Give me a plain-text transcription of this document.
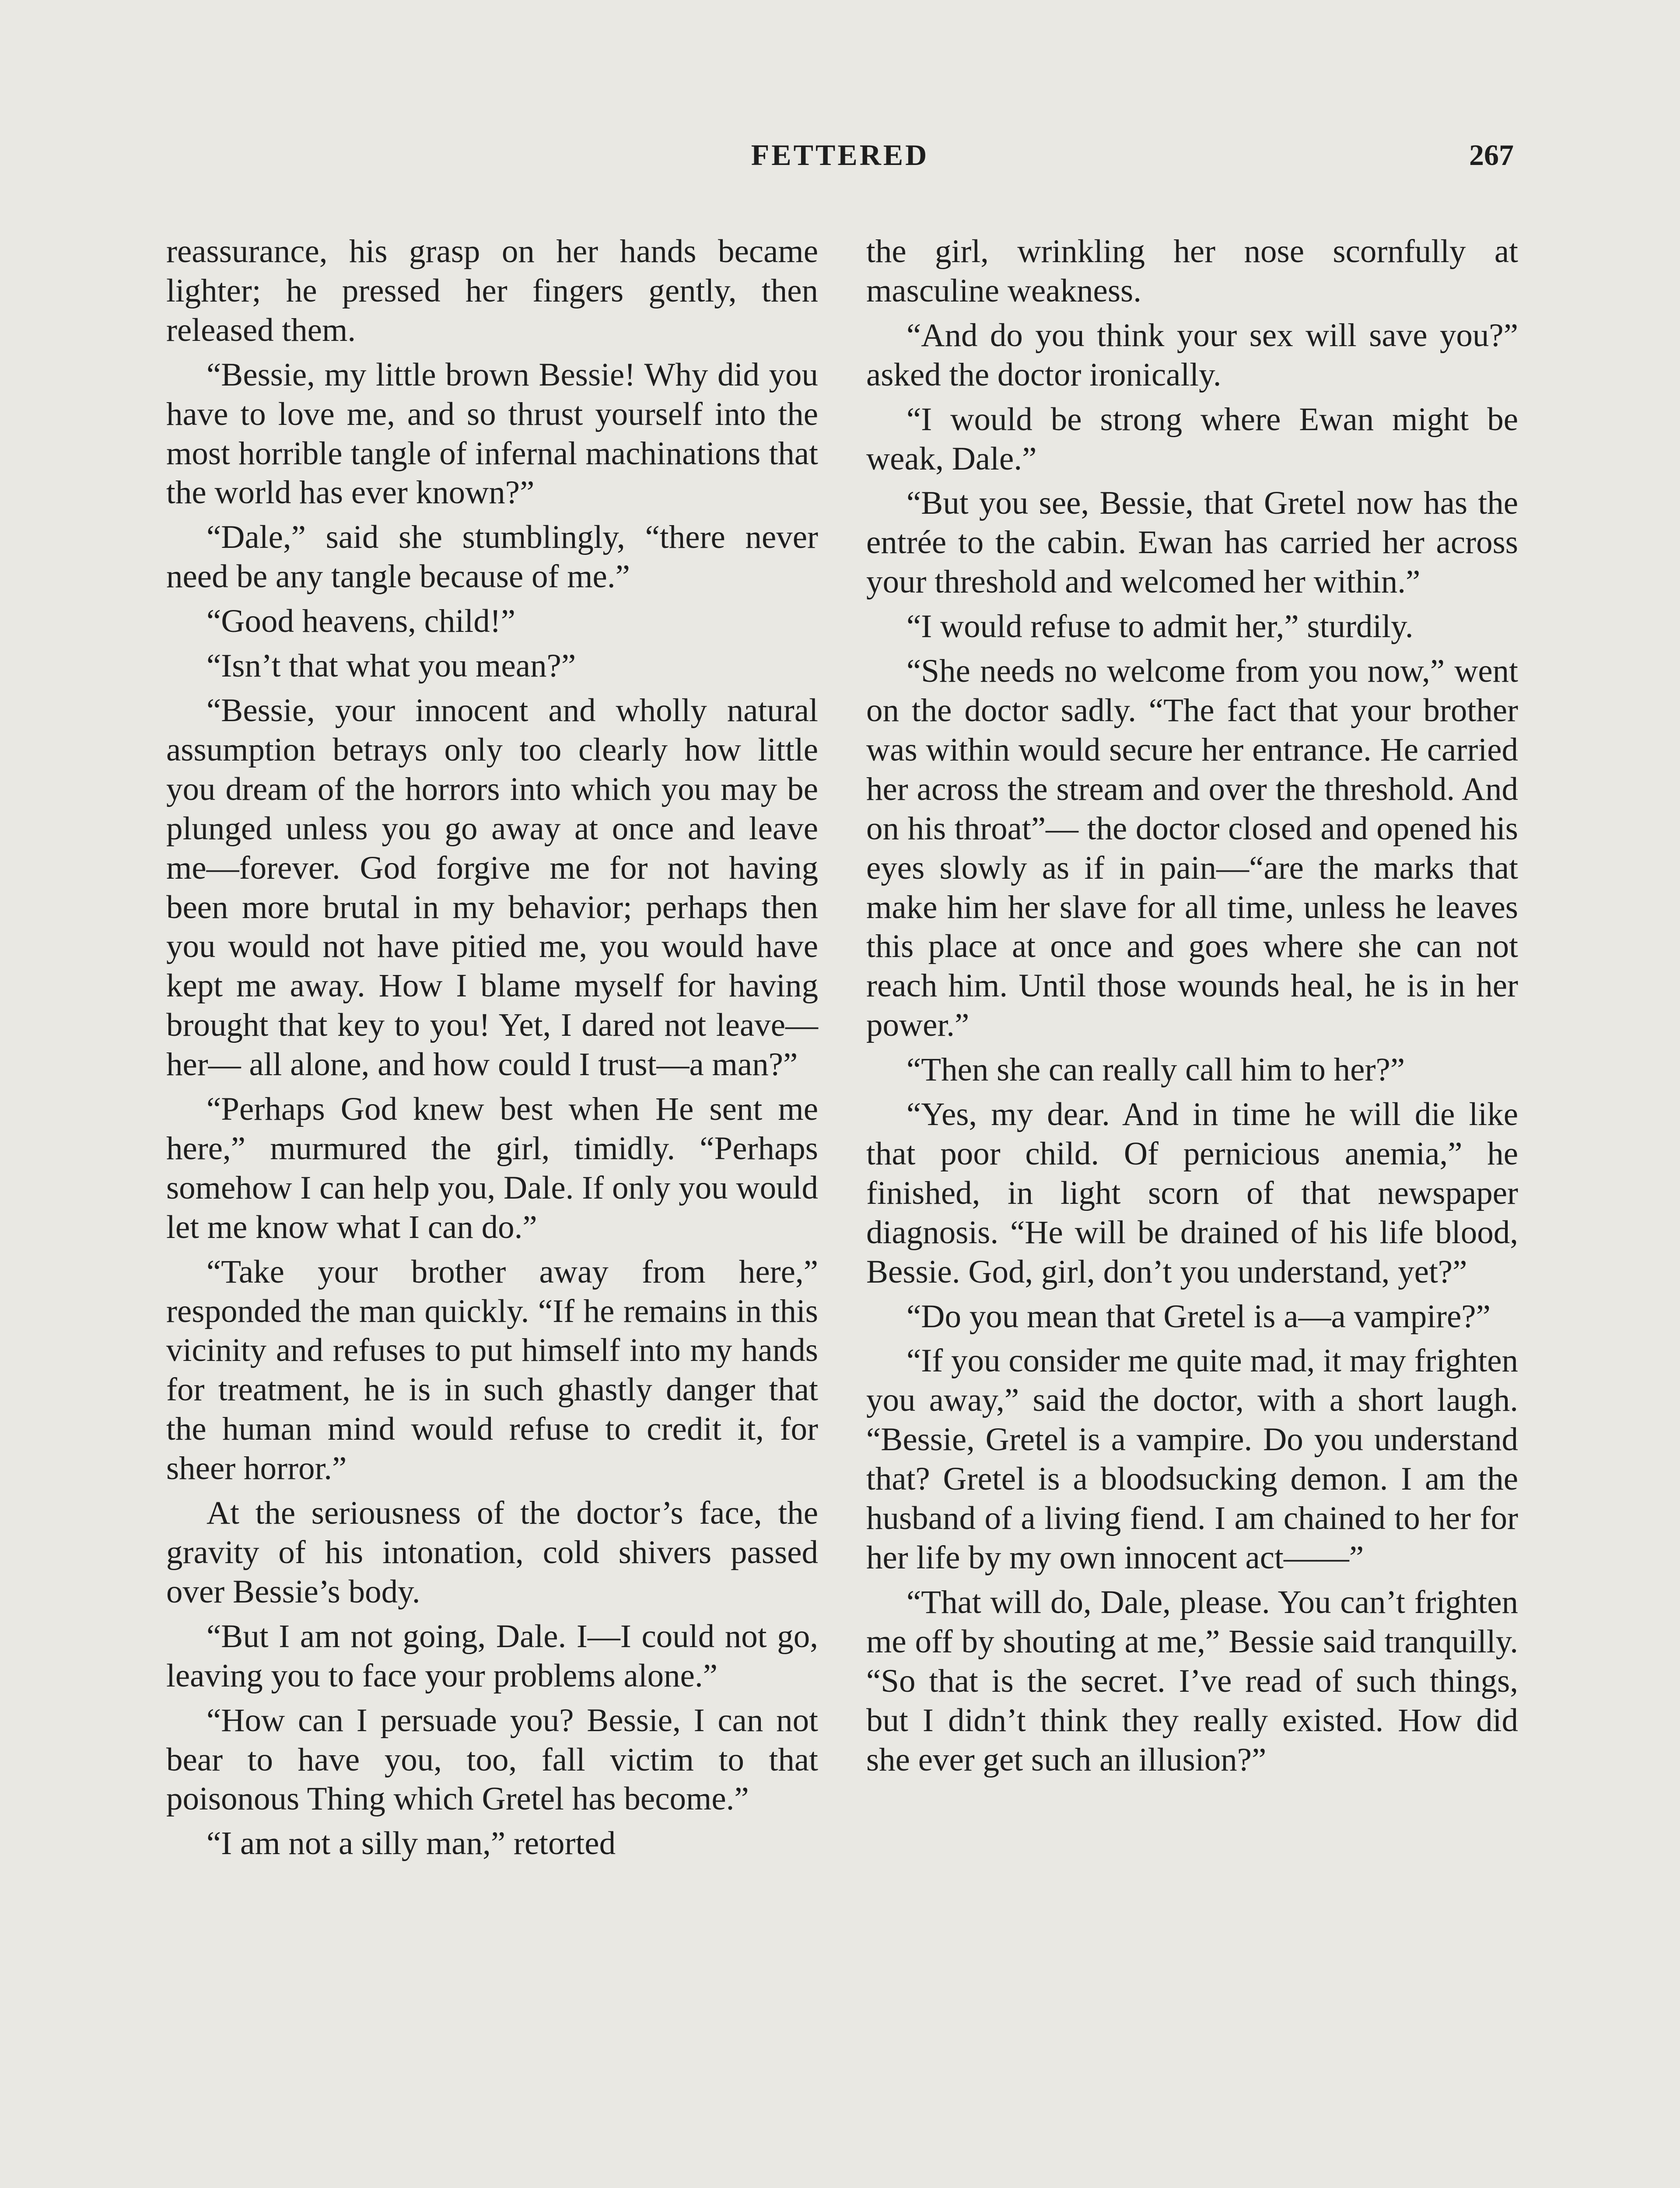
FETTERED	267

reassurance, his grasp on her hands became lighter; he pressed her fingers gently, then released them.

“Bessie, my little brown Bessie! Why did you have to love me, and so thrust yourself into the most horrible tangle of infernal machinations that the world has ever known?”

“Dale,” said she stumblingly, “there never need be any tangle because of me.”

“Good heavens, child!”

“Isn’t that what you mean?”

“Bessie, your innocent and wholly natural assumption betrays only too clearly how little you dream of the horrors into which you may be plunged unless you go away at once and leave me—forever. God forgive me for not having been more brutal in my behavior; perhaps then you would not have pitied me, you would have kept me away. How I blame myself for having brought that key to you! Yet, I dared not leave—her— all alone, and how could I trust—a man?”

“Perhaps God knew best when He sent me here,” murmured the girl, timidly. “Perhaps somehow I can help you, Dale. If only you would let me know what I can do.”

“Take your brother away from here,” responded the man quickly. “If he remains in this vicinity and refuses to put himself into my hands for treatment, he is in such ghastly danger that the human mind would refuse to credit it, for sheer horror.”

At the seriousness of the doctor’s face, the gravity of his intonation, cold shivers passed over Bessie’s body.

“But I am not going, Dale. I—I could not go, leaving you to face your problems alone.”

“How can I persuade you? Bessie, I can not bear to have you, too, fall victim to that poisonous Thing which Gretel has become.”

“I am not a silly man,” retorted

the girl, wrinkling her nose scornfully at masculine weakness.

“And do you think your sex will save you?” asked the doctor ironically.

“I would be strong where Ewan might be weak, Dale.”

“But you see, Bessie, that Gretel now has the entrée to the cabin. Ewan has carried her across your threshold and welcomed her within.”

“I would refuse to admit her,” sturdily.

“She needs no welcome from you now,” went on the doctor sadly. “The fact that your brother was within would secure her entrance. He carried her across the stream and over the threshold. And on his throat”— the doctor closed and opened his eyes slowly as if in pain—“are the marks that make him her slave for all time, unless he leaves this place at once and goes where she can not reach him. Until those wounds heal, he is in her power.”

“Then she can really call him to her?”

“Yes, my dear. And in time he will die like that poor child. Of pernicious anemia,” he finished, in light scorn of that newspaper diagnosis. “He will be drained of his life blood, Bessie. God, girl, don’t you understand, yet?”

“Do you mean that Gretel is a—a vampire?”

“If you consider me quite mad, it may frighten you away,” said the doctor, with a short laugh. “Bessie, Gretel is a vampire. Do you understand that? Gretel is a bloodsucking demon. I am the husband of a living fiend. I am chained to her for her life by my own innocent act——”

“That will do, Dale, please. You can’t frighten me off by shouting at me,” Bessie said tranquilly. “So that is the secret. I’ve read of such things, but I didn’t think they really existed. How did she ever get such an illusion?”
